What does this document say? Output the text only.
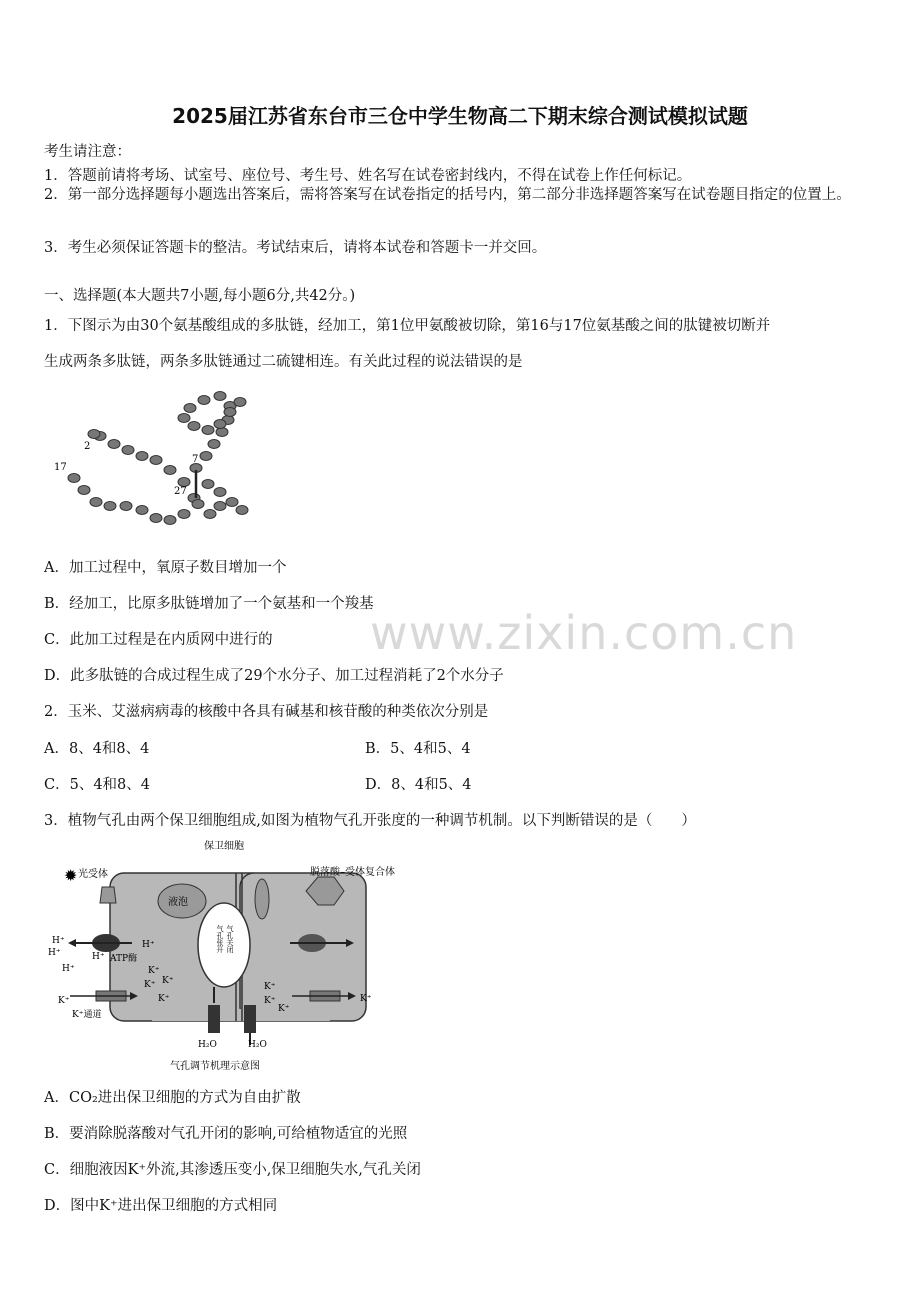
2025届江苏省东台市三仓中学生物高二下期末综合测试模拟试题
考生请注意：
1．答题前请将考场、试室号、座位号、考生号、姓名写在试卷密封线内，不得在试卷上作任何标记。
2．第一部分选择题每小题选出答案后，需将答案写在试卷指定的括号内，第二部分非选择题答案写在试卷题目指定的位置上。
3．考生必须保证答题卡的整洁。考试结束后，请将本试卷和答题卡一并交回。
一、选择题(本大题共7小题,每小题6分,共42分。)
1．下图示为由30个氨基酸组成的多肽链，经加工，第1位甲氨酸被切除，第16与17位氨基酸之间的肽键被切断并
生成两条多肽链，两条多肽链通过二硫键相连。有关此过程的说法错误的是
17
2
7
27
A．加工过程中，氧原子数目增加一个
B．经加工，比原多肽链增加了一个氨基和一个羧基
C．此加工过程是在内质网中进行的
D．此多肽链的合成过程生成了29个水分子、加工过程消耗了2个水分子
2．玉米、艾滋病病毒的核酸中各具有碱基和核苷酸的种类依次分别是
A．8、4和8、4	B．5、4和5、4
C．5、4和8、4	D．8、4和5、4
3．植物气孔由两个保卫细胞组成,如图为植物气孔开张度的一种调节机制。以下判断错误的是（　　）
✹
保卫细胞
光受体	脱落酸–受体复合体
液泡
ATP酶
H⁺
H⁺
H⁺
H⁺
H⁺
K⁺
K⁺通道
K⁺
K⁺
K⁺
K⁺
K⁺
K⁺
K⁺
K⁺
气孔张开 气孔关闭
H₂O	H₂O
气孔调节机理示意图
A．CO₂进出保卫细胞的方式为自由扩散
B．要消除脱落酸对气孔开闭的影响,可给植物适宜的光照
C．细胞液因K⁺外流,其渗透压变小,保卫细胞失水,气孔关闭
D．图中K⁺进出保卫细胞的方式相同
www.zixin.com.cn
